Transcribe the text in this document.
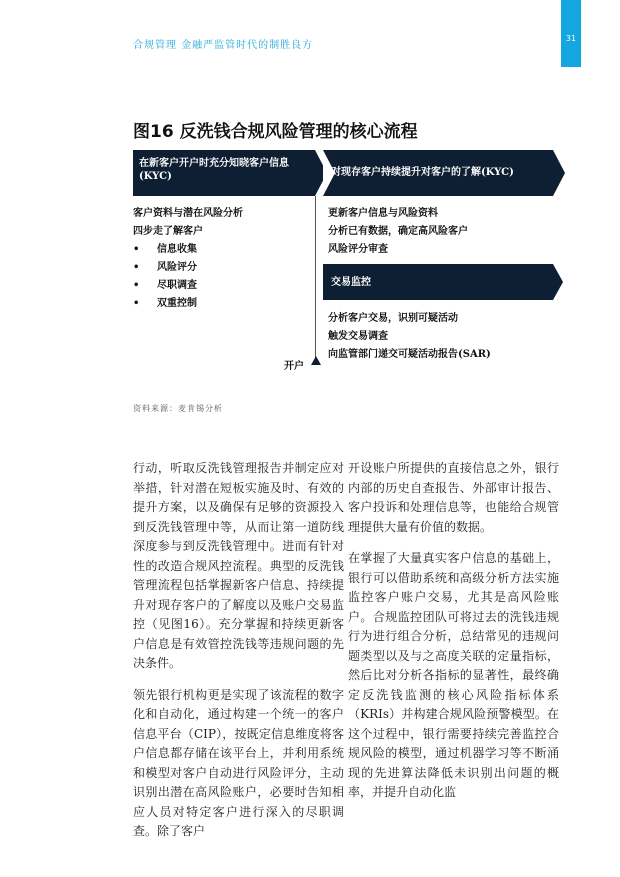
合规管理 金融严监管时代的制胜良方
31
图16 反洗钱合规风险管理的核心流程
在新客户开户时充分知晓客户信息
(KYC)	对现存客户持续提升对客户的了解(KYC)
客户资料与潜在风险分析
四步走了解客户
• 信息收集
• 风险评分
• 尽职调查
• 双重控制
更新客户信息与风险资料
分析已有数据，确定高风险客户
风险评分审查
交易监控
分析客户交易，识别可疑活动
触发交易调查
向监管部门递交可疑活动报告(SAR)
开户
资料来源：麦肯锡分析

行动，听取反洗钱管理报告并制定应对举措，针对潜在短板实施及时、有效的提升方案，以及确保有足够的资源投入到反洗钱管理中等，从而让第一道防线深度参与到反洗钱管理中。进而有针对性的改造合规风控流程。典型的反洗钱管理流程包括掌握新客户信息、持续提升对现存客户的了解度以及账户交易监控（见图16）。充分掌握和持续更新客户信息是有效管控洗钱等违规问题的先决条件。

领先银行机构更是实现了该流程的数字化和自动化，通过构建一个统一的客户信息平台（CIP），按既定信息维度将客户信息都存储在该平台上，并利用系统和模型对客户自动进行风险评分，主动识别出潜在高风险账户，必要时告知相应人员对特定客户进行深入的尽职调查。除了客户

开设账户所提供的直接信息之外，银行内部的历史自查报告、外部审计报告、客户投诉和处理信息等，也能给合规管理提供大量有价值的数据。

在掌握了大量真实客户信息的基础上，银行可以借助系统和高级分析方法实施监控客户账户交易，尤其是高风险账户。合规监控团队可将过去的洗钱违规行为进行组合分析，总结常见的违规问题类型以及与之高度关联的定量指标，然后比对分析各指标的显著性，最终确定反洗钱监测的核心风险指标体系（KRIs）并构建合规风险预警模型。在这个过程中，银行需要持续完善监控合规风险的模型，通过机器学习等不断涌现的先进算法降低未识别出问题的概率，并提升自动化监
